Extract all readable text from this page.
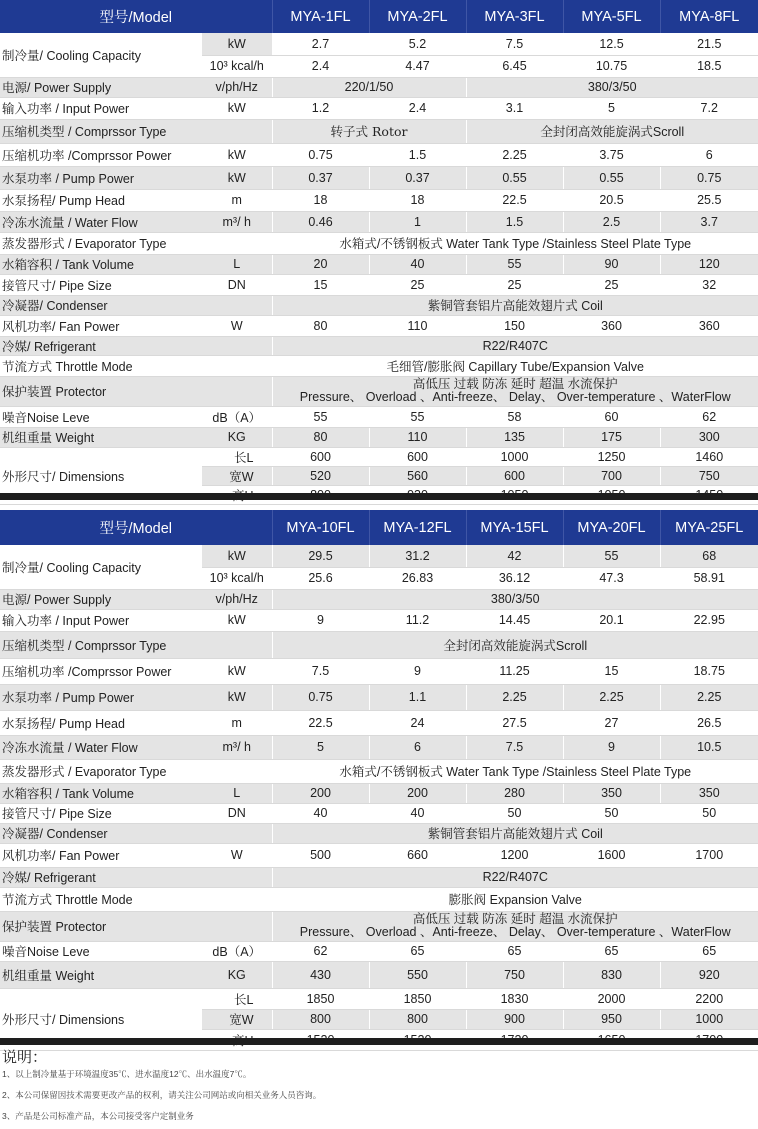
型号/Model		MYA-1FL	MYA-2FL	MYA-3FL	MYA-5FL	MYA-8FL
制冷量/ Cooling Capacity	kW	2.7	5.2	7.5	12.5	21.5
	10³ kcal/h	2.4	4.47	6.45	10.75	18.5
电源/ Power Supply	v/ph/Hz	220/1/50		380/3/50		
输入功率 / Input Power	kW	1.2	2.4	3.1	5	7.2
压缩机类型 / Comprssor Type		转子式 Rotor		全封闭高效能旋涡式Scroll		
压缩机功率 /Comprssor Power	kW	0.75	1.5	2.25	3.75	6
水泵功率 / Pump Power	kW	0.37	0.37	0.55	0.55	0.75
水泵扬程/ Pump Head	m	18	18	22.5	20.5	25.5
冷冻水流量 / Water Flow	m³/ h	0.46	1	1.5	2.5	3.7
蒸发器形式 / Evaporator Type		水箱式/不锈钢板式 Water Tank Type /Stainless Steel Plate Type				
水箱容积 / Tank Volume	L	20	40	55	90	120
接管尺寸/ Pipe Size	DN	15	25	25	25	32
冷凝器/ Condenser		紫铜管套铝片高能效翅片式 Coil				
风机功率/ Fan Power	W	80	110	150	360	360
冷媒/ Refrigerant		R22/R407C				
节流方式 Throttle Mode		毛细管/膨胀阀 Capillary Tube/Expansion Valve				
保护装置 Protector		高低压 过载 防冻 延时 超温 水流保护
Pressure、 Overload 、Anti-freeze、 Delay、 Over-temperature 、WaterFlow				

噪音Noise Leve	dB（A）	55	55	58	60	62
机组重量 Weight	KG	80	110	135	175	300
外形尺寸/ Dimensions	长L	600	600	1000	1250	1460
	宽W	520	560	600	700	750

型号/Model		MYA-10FL	MYA-12FL	MYA-15FL	MYA-20FL	MYA-25FL
制冷量/ Cooling Capacity	kW	29.5	31.2	42	55	68
	10³ kcal/h	25.6	26.83	36.12	47.3	58.91
电源/ Power Supply	v/ph/Hz	380/3/50				
输入功率 / Input Power	kW	9	11.2	14.45	20.1	22.95
压缩机类型 / Comprssor Type		全封闭高效能旋涡式Scroll				
压缩机功率 /Comprssor Power	kW	7.5	9	11.25	15	18.75
水泵功率 / Pump Power	kW	0.75	1.1	2.25	2.25	2.25
水泵扬程/ Pump Head	m	22.5	24	27.5	27	26.5
冷冻水流量 / Water Flow	m³/ h	5	6	7.5	9	10.5
蒸发器形式 / Evaporator Type		水箱式/不锈钢板式 Water Tank Type /Stainless Steel Plate Type				
水箱容积 / Tank Volume	L	200	200	280	350	350
接管尺寸/ Pipe Size	DN	40	40	50	50	50
冷凝器/ Condenser		紫铜管套铝片高能效翅片式 Coil				
风机功率/ Fan Power	W	500	660	1200	1600	1700
冷媒/ Refrigerant		R22/R407C				
节流方式 Throttle Mode		膨胀阀 Expansion Valve				
保护装置 Protector		高低压 过载 防冻 延时 超温 水流保护
Pressure、 Overload 、Anti-freeze、 Delay、 Over-temperature 、WaterFlow				

噪音Noise Leve	dB（A）	62	65	65	65	65
机组重量 Weight	KG	430	550	750	830	920
外形尺寸/ Dimensions	长L	1850	1850	1830	2000	2200
	宽W	800	800	900	950	1000

说明：
1、以上制冷量基于环境温度35℃、进水温度12℃、出水温度7℃。
2、本公司保留因技术需要更改产品的权利，请关注公司网站或向相关业务人员咨询。
3、产品是公司标准产品，本公司接受客户定制业务
